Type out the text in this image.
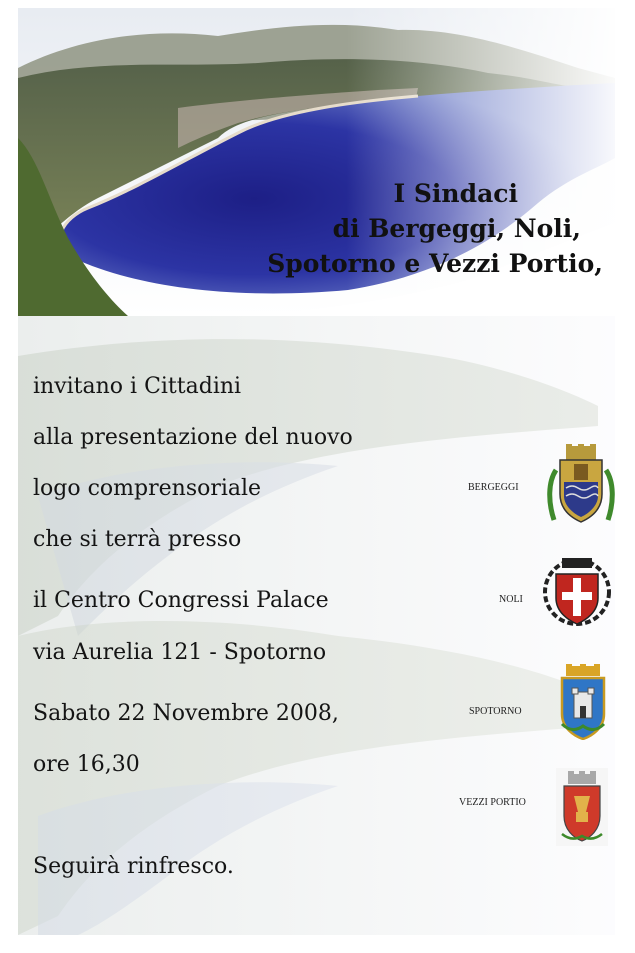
I Sindaci
di Bergeggi, Noli,
Spotorno e Vezzi Portio,

invitano i Cittadini

alla presentazione del nuovo

logo comprensoriale

che si terrà presso

il Centro Congressi Palace

via Aurelia 121 - Spotorno

Sabato 22 Novembre 2008,

ore 16,30

Seguirà rinfresco.

BERGEGGI
NOLI
SPOTORNO
VEZZI PORTIO
